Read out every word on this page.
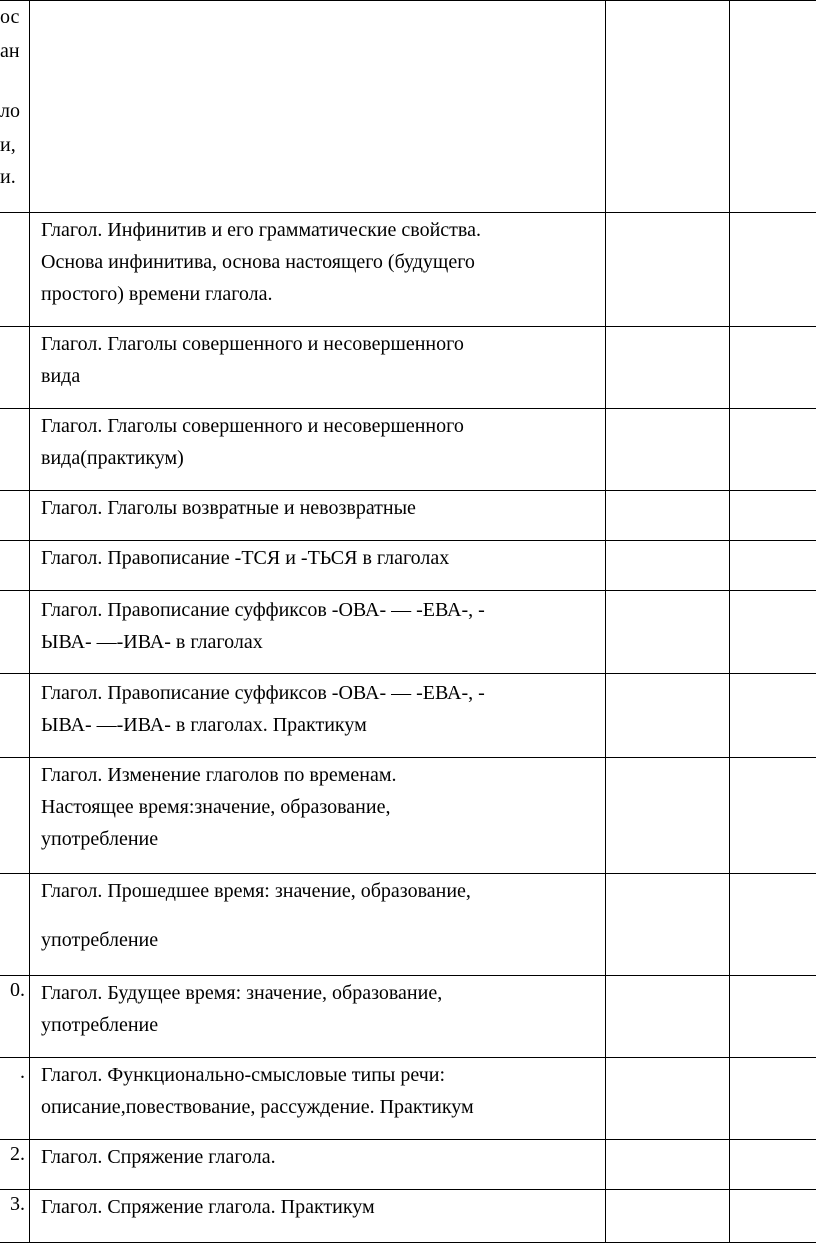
ос
ан
ло
и,
и.
Глагол. Инфинитив и его грамматические свойства.
Основа инфинитива, основа настоящего (будущего
простого) времени глагола.
Глагол. Глаголы совершенного и несовершенного
вида
Глагол. Глаголы совершенного и несовершенного
вида(практикум)
Глагол. Глаголы возвратные и невозвратные
Глагол. Правописание -ТСЯ и -ТЬСЯ в глаголах
Глагол. Правописание суффиксов -ОВА- — -ЕВА-, -
ЫВА- —-ИВА- в глаголах
Глагол. Правописание суффиксов -ОВА- — -ЕВА-, -
ЫВА- —-ИВА- в глаголах. Практикум
Глагол. Изменение глаголов по временам.
Настоящее время:значение, образование,
употребление
Глагол. Прошедшее время: значение, образование,
употребление
0. Глагол. Будущее время: значение, образование,
употребление
. Глагол. Функционально-смысловые типы речи:
описание,повествование, рассуждение. Практикум
2. Глагол. Спряжение глагола.
3. Глагол. Спряжение глагола. Практикум
